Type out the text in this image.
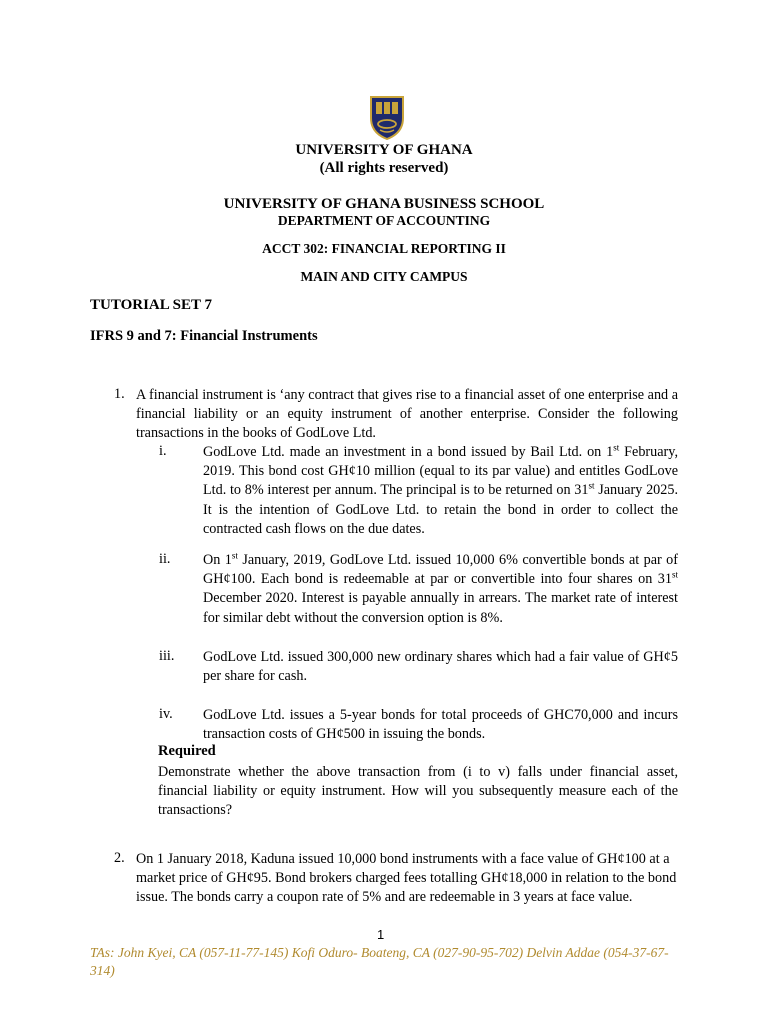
UNIVERSITY OF GHANA
(All rights reserved)
UNIVERSITY OF GHANA BUSINESS SCHOOL
DEPARTMENT OF ACCOUNTING
ACCT 302: FINANCIAL REPORTING II
MAIN AND CITY CAMPUS
TUTORIAL SET 7
IFRS 9 and 7: Financial Instruments
1. A financial instrument is ‘any contract that gives rise to a financial asset of one enterprise and a financial liability or an equity instrument of another enterprise. Consider the following transactions in the books of GodLove Ltd.
i.	GodLove Ltd. made an investment in a bond issued by Bail Ltd. on 1st February, 2019. This bond cost GH¢10 million (equal to its par value) and entitles GodLove Ltd. to 8% interest per annum. The principal is to be returned on 31st January 2025. It is the intention of GodLove Ltd. to retain the bond in order to collect the contracted cash flows on the due dates.
ii. On 1st January, 2019, GodLove Ltd. issued 10,000 6% convertible bonds at par of GH¢100. Each bond is redeemable at par or convertible into four shares on 31st December 2020. Interest is payable annually in arrears. The market rate of interest for similar debt without the conversion option is 8%.
iii. GodLove Ltd. issued 300,000 new ordinary shares which had a fair value of GH¢5 per share for cash.
iv. GodLove Ltd. issues a 5-year bonds for total proceeds of GHC70,000 and incurs transaction costs of GH¢500 in issuing the bonds.
Required
Demonstrate whether the above transaction from (i to v) falls under financial asset, financial liability or equity instrument. How will you subsequently measure each of the transactions?
2. On 1 January 2018, Kaduna issued 10,000 bond instruments with a face value of GH¢100 at a market price of GH¢95. Bond brokers charged fees totalling GH¢18,000 in relation to the bond issue. The bonds carry a coupon rate of 5% and are redeemable in 3 years at face value.
1
TAs: John Kyei, CA (057-11-77-145) Kofi Oduro- Boateng, CA (027-90-95-702) Delvin Addae (054-37-67-314)
